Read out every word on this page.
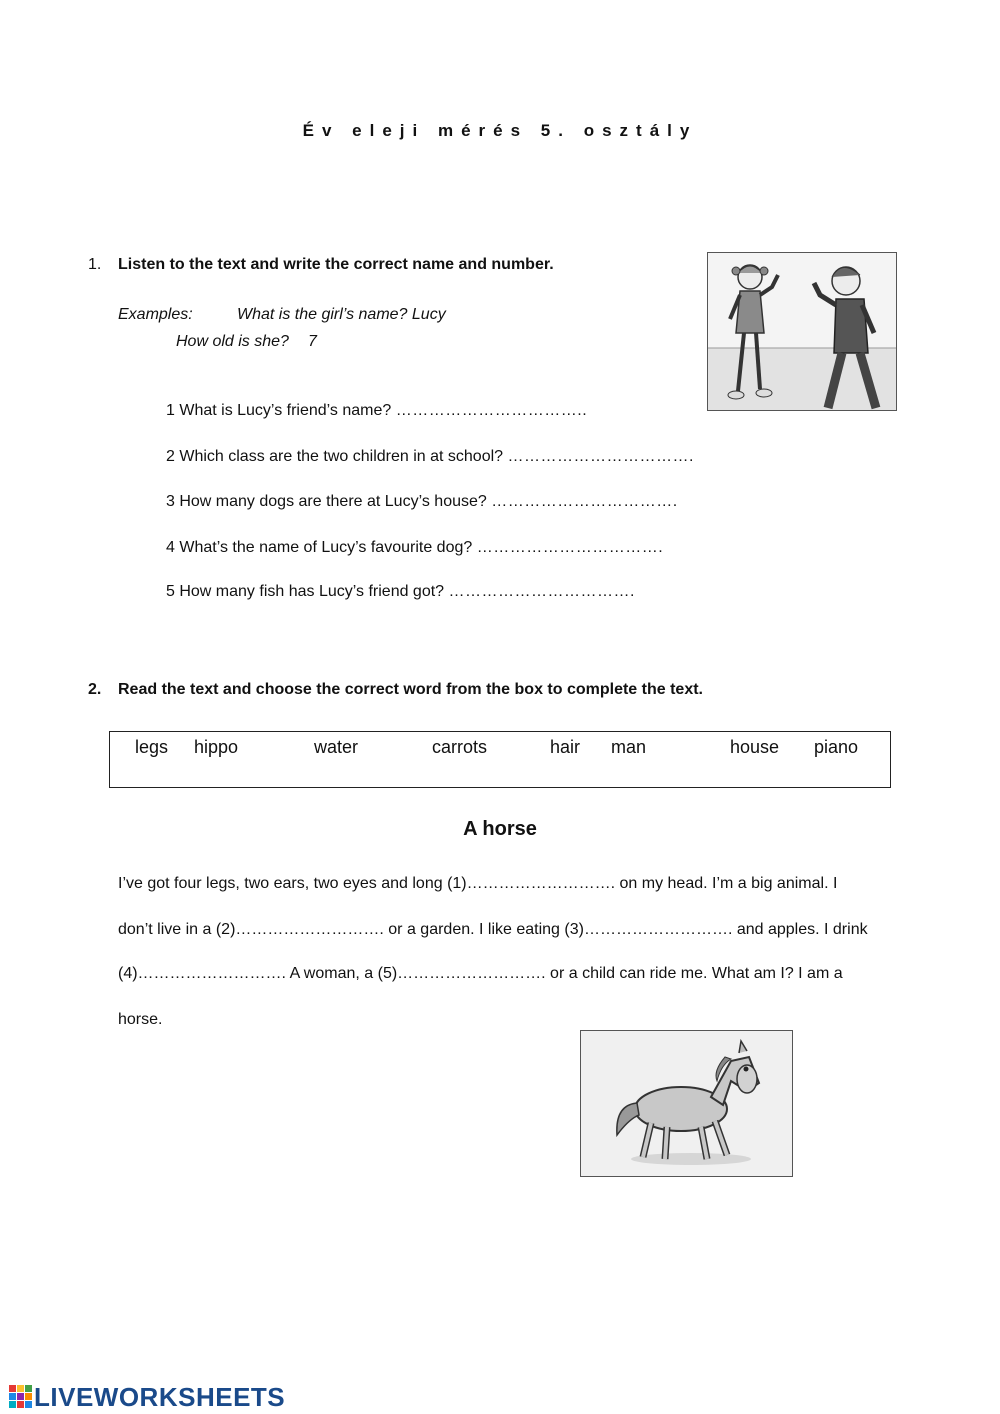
Év eleji mérés 5. osztály
1. Listen to the text and write the correct name and number.
Examples:	What is the girl’s name? Lucy
How old is she? 7
1 What is Lucy’s friend’s name? ……………………………..
2 Which class are the two children in at school? …………………………….
3 How many dogs are there at Lucy’s house? …………………………….
4 What’s the name of Lucy’s favourite dog? …………………………….
5 How many fish has Lucy’s friend got? …………………………….
2. Read the text and choose the correct word from the box to complete the text.
legs hippo	water	carrots	hair man	house piano
A horse
I’ve got four legs, two ears, two eyes and long (1)………………………. on my head. I’m a big animal. I
don’t live in a (2)………………………. or a garden. I like eating (3)………………………. and apples. I drink
(4)………………………. A woman, a (5)………………………. or a child can ride me. What am I? I am a
horse.
LIVEWORKSHEETS
